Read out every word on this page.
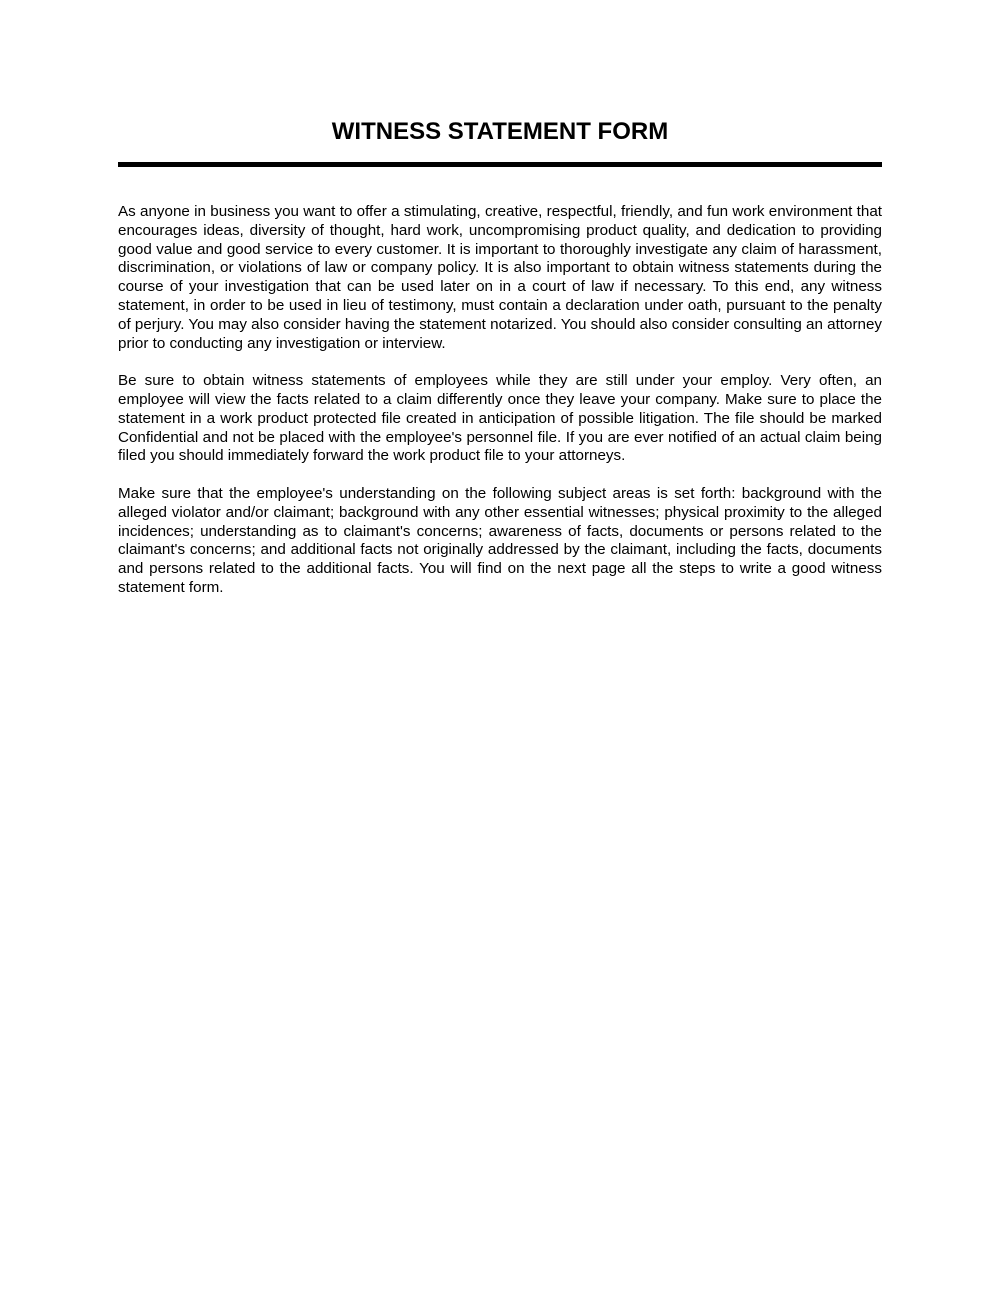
WITNESS STATEMENT FORM

As anyone in business you want to offer a stimulating, creative, respectful, friendly, and fun work environment that encourages ideas, diversity of thought, hard work, uncompromising product quality, and dedication to providing good value and good service to every customer. It is important to thoroughly investigate any claim of harassment, discrimination, or violations of law or company policy. It is also important to obtain witness statements during the course of your investigation that can be used later on in a court of law if necessary. To this end, any witness statement, in order to be used in lieu of testimony, must contain a declaration under oath, pursuant to the penalty of perjury. You may also consider having the statement notarized. You should also consider consulting an attorney prior to conducting any investigation or interview.

Be sure to obtain witness statements of employees while they are still under your employ. Very often, an employee will view the facts related to a claim differently once they leave your company. Make sure to place the statement in a work product protected file created in anticipation of possible litigation. The file should be marked Confidential and not be placed with the employee's personnel file. If you are ever notified of an actual claim being filed you should immediately forward the work product file to your attorneys.

Make sure that the employee's understanding on the following subject areas is set forth: background with the alleged violator and/or claimant; background with any other essential witnesses; physical proximity to the alleged incidences; understanding as to claimant's concerns; awareness of facts, documents or persons related to the claimant's concerns; and additional facts not originally addressed by the claimant, including the facts, documents and persons related to the additional facts. You will find on the next page all the steps to write a good witness statement form.
